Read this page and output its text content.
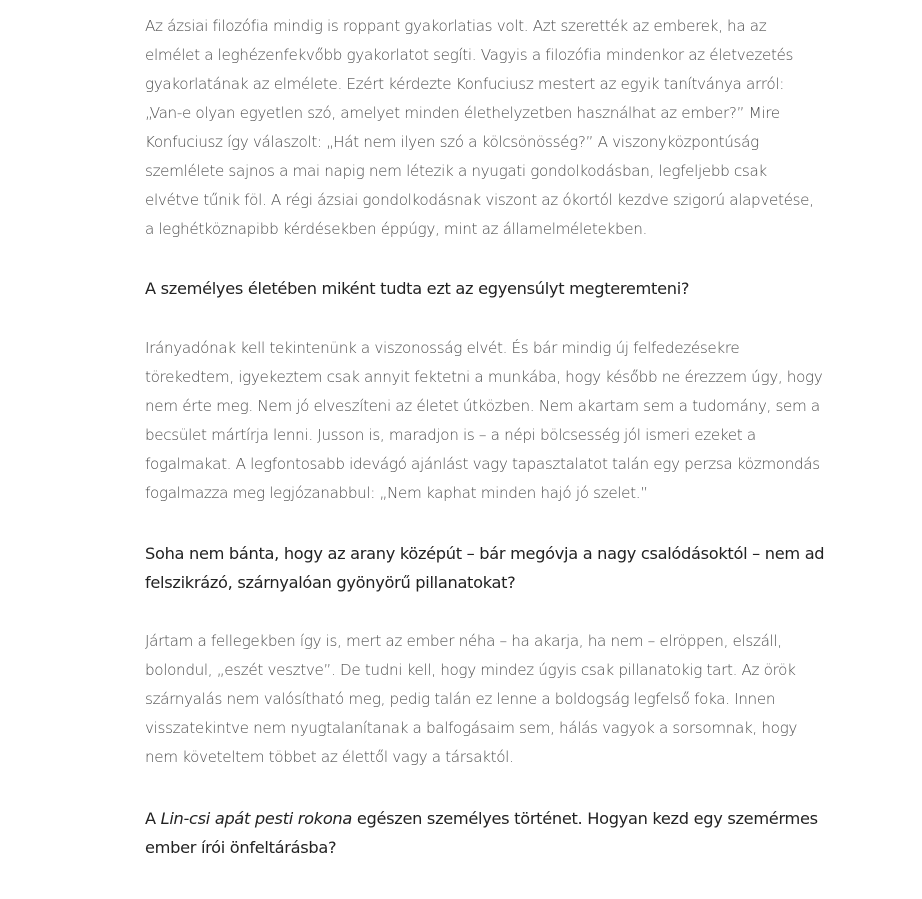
Az ázsiai filozófia mindig is roppant gyakorlatias volt. Azt szerették az emberek, ha az elmélet a leghézenfekvőbb gyakorlatot segíti. Vagyis a filozófia mindenkor az életvezetés gyakorlatának az elmélete. Ezért kérdezte Konfuciusz mestert az egyik tanítványa arról: „Van-e olyan egyetlen szó, amelyet minden élethelyzetben használhat az ember?” Mire Konfuciusz így válaszolt: „Hát nem ilyen szó a kölcsönösség?” A viszonyközpontúság szemlélete sajnos a mai napig nem létezik a nyugati gondolkodásban, legfeljebb csak elvétve tűnik föl. A régi ázsiai gondolkodásnak viszont az ókortól kezdve szigorú alapvetése, a leghétköznapibb kérdésekben éppúgy, mint az államelméletekben.

A személyes életében miként tudta ezt az egyensúlyt megteremteni?

Irányadónak kell tekintenünk a viszonosság elvét. És bár mindig új felfedezésekre törekedtem, igyekeztem csak annyit fektetni a munkába, hogy később ne érezzem úgy, hogy nem érte meg. Nem jó elveszíteni az életet útközben. Nem akartam sem a tudomány, sem a becsület mártírja lenni. Jusson is, maradjon is – a népi bölcsesség jól ismeri ezeket a fogalmakat. A legfontosabb idevágó ajánlást vagy tapasztalatot talán egy perzsa közmondás fogalmazza meg legjózanabbul: „Nem kaphat minden hajó jó szelet.”

Soha nem bánta, hogy az arany középút – bár megóvja a nagy csalódásoktól – nem ad felszikrázó, szárnyalóan gyönyörű pillanatokat?

Jártam a fellegekben így is, mert az ember néha – ha akarja, ha nem – elröppen, elszáll, bolondul, „eszét vesztve”. De tudni kell, hogy mindez úgyis csak pillanatokig tart. Az örök szárnyalás nem valósítható meg, pedig talán ez lenne a boldogság legfelső foka. Innen visszatekintve nem nyugtalanítanak a balfogásaim sem, hálás vagyok a sorsomnak, hogy nem követeltem többet az élettől vagy a társaktól.

A Lin-csi apát pesti rokona egészen személyes történet. Hogyan kezd egy szemérmes ember írói önfeltárásba?
